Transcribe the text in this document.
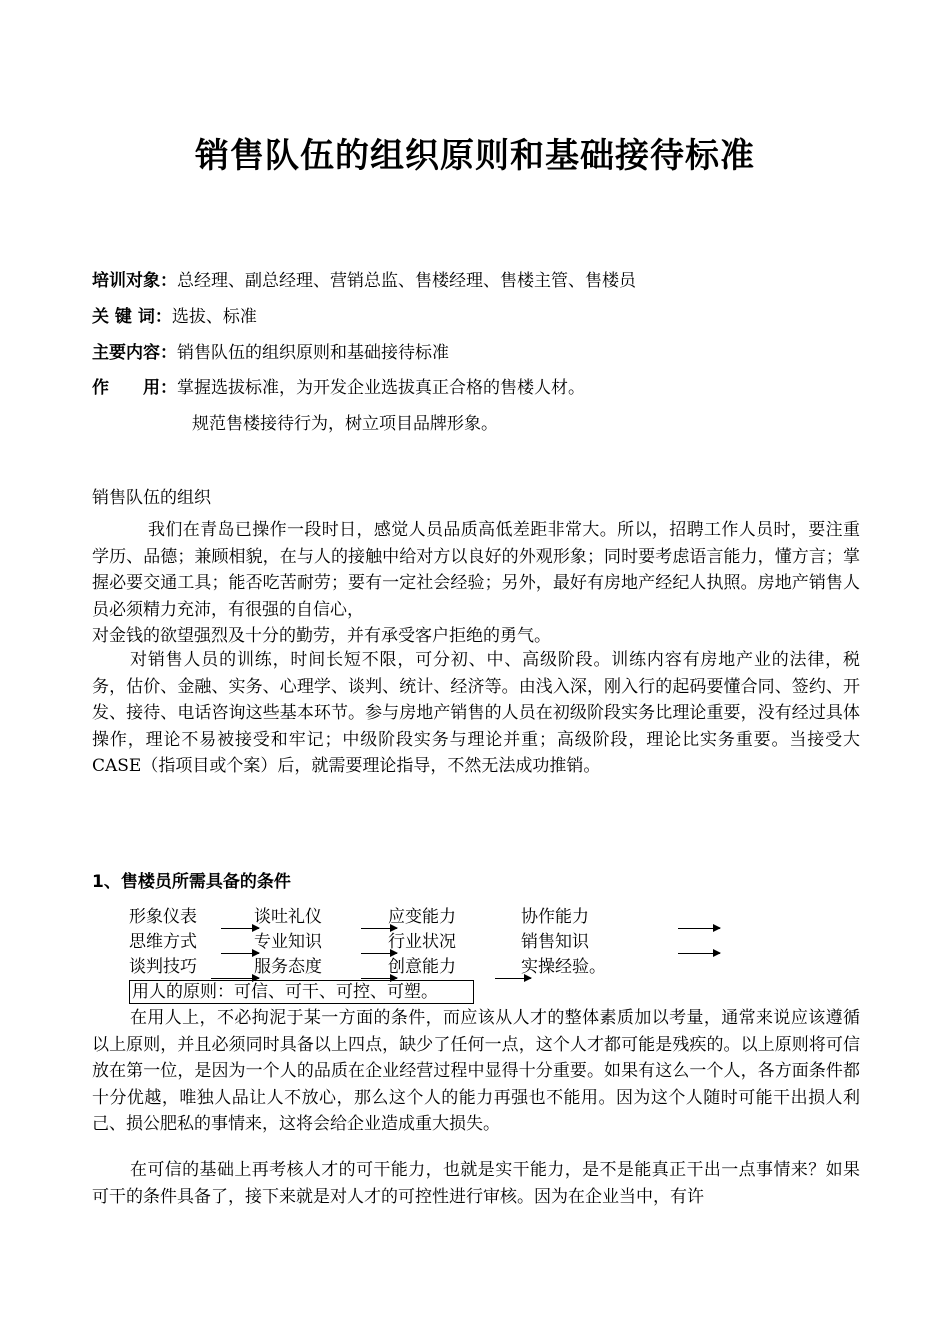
销售队伍的组织原则和基础接待标准
培训对象：总经理、副总经理、营销总监、售楼经理、售楼主管、售楼员
关 键 词：选拔、标准
主要内容：销售队伍的组织原则和基础接待标准
作　　用：掌握选拔标准，为开发企业选拔真正合格的售楼人材。
规范售楼接待行为，树立项目品牌形象。
销售队伍的组织

我们在青岛已操作一段时日，感觉人员品质高低差距非常大。所以，招聘工作人员时，要注重学历、品德；兼顾相貌，在与人的接触中给对方以良好的外观形象；同时要考虑语言能力，懂方言；掌握必要交通工具；能否吃苦耐劳；要有一定社会经验；另外，最好有房地产经纪人执照。房地产销售人员必须精力充沛，有很强的自信心，

对金钱的欲望强烈及十分的勤劳，并有承受客户拒绝的勇气。

对销售人员的训练，时间长短不限，可分初、中、高级阶段。训练内容有房地产业的法律，税务，估价、金融、实务、心理学、谈判、统计、经济等。由浅入深，刚入行的起码要懂合同、签约、开发、接待、电话咨询这些基本环节。参与房地产销售的人员在初级阶段实务比理论重要，没有经过具体操作，理论不易被接受和牢记；中级阶段实务与理论并重；高级阶段，理论比实务重要。当接受大CASE（指项目或个案）后，就需要理论指导，不然无法成功推销。

1、售楼员所需具备的条件
形象仪表	谈吐礼仪	应变能力	协作能力
思维方式	专业知识	行业状况	销售知识
谈判技巧	服务态度	创意能力	实操经验。
用人的原则：可信、可干、可控、可塑。

在用人上，不必拘泥于某一方面的条件，而应该从人才的整体素质加以考量，通常来说应该遵循以上原则，并且必须同时具备以上四点，缺少了任何一点，这个人才都可能是残疾的。以上原则将可信放在第一位，是因为一个人的品质在企业经营过程中显得十分重要。如果有这么一个人，各方面条件都十分优越，唯独人品让人不放心，那么这个人的能力再强也不能用。因为这个人随时可能干出损人利己、损公肥私的事情来，这将会给企业造成重大损失。

在可信的基础上再考核人才的可干能力，也就是实干能力，是不是能真正干出一点事情来？如果可干的条件具备了，接下来就是对人才的可控性进行审核。因为在企业当中，有许
